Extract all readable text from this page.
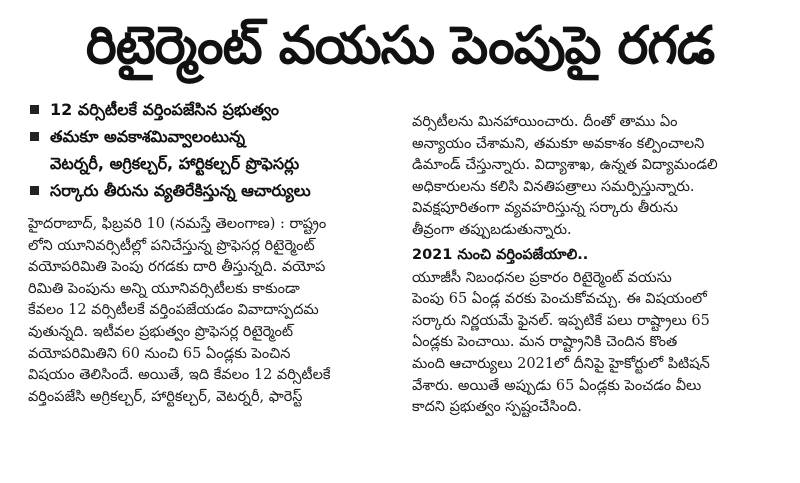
రిటైర్మెంట్ వయసు పెంపుపై రగడ
12 వర్సిటీలకే వర్తింపజేసిన ప్రభుత్వం
తమకూ అవకాశమివ్వాలంటున్న
వెటర్నరీ, అగ్రికల్చర్, హార్టికల్చర్ ప్రొఫెసర్లు
సర్కారు తీరును వ్యతిరేకిస్తున్న ఆచార్యులు

హైదరాబాద్, ఫిబ్రవరి 10 (నమస్తే తెలంగాణ) : రాష్ట్రం
లోని యూనివర్సిటీల్లో పనిచేస్తున్న ప్రొఫెసర్ల రిటైర్మెంట్
వయోపరిమితి పెంపు రగడకు దారి తీస్తున్నది. వయోప
రిమితి పెంపును అన్ని యూనివర్సిటీలకు కాకుండా
కేవలం 12 వర్సిటీలకే వర్తింపజేయడం వివాదాస్పదమ
వుతున్నది. ఇటీవల ప్రభుత్వం ప్రొఫెసర్ల రిటైర్మెంట్
వయోపరిమితిని 60 నుంచి 65 ఏండ్లకు పెంచిన
విషయం తెలిసిందే. అయితే, ఇది కేవలం 12 వర్సిటీలకే
వర్తింపజేసి అగ్రికల్చర్, హార్టికల్చర్, వెటర్నరీ, ఫారెస్ట్

వర్సిటీలను మినహాయించారు. దీంతో తాము ఏం
అన్యాయం చేశామని, తమకూ అవకాశం కల్పించాలని
డిమాండ్ చేస్తున్నారు. విద్యాశాఖ, ఉన్నత విద్యామండలి
అధికారులను కలిసి వినతిపత్రాలు సమర్పిస్తున్నారు.
వివక్షపూరితంగా వ్యవహరిస్తున్న సర్కారు తీరును
తీవ్రంగా తప్పుబడుతున్నారు.

2021 నుంచి వర్తింపజేయాలి..

యూజీసీ నిబంధనల ప్రకారం రిటైర్మెంట్ వయసు
పెంపు 65 ఏండ్ల వరకు పెంచుకోవచ్చు. ఈ విషయంలో
సర్కారు నిర్ణయమే ఫైనల్. ఇప్పటికే పలు రాష్ట్రాలు 65
ఏండ్లకు పెంచాయి. మన రాష్ట్రానికి చెందిన కొంత
మంది ఆచార్యులు 2021లో దీనిపై హైకోర్టులో పిటిషన్
వేశారు. అయితే అప్పుడు 65 ఏండ్లకు పెంచడం వీలు
కాదని ప్రభుత్వం స్పష్టంచేసింది.
